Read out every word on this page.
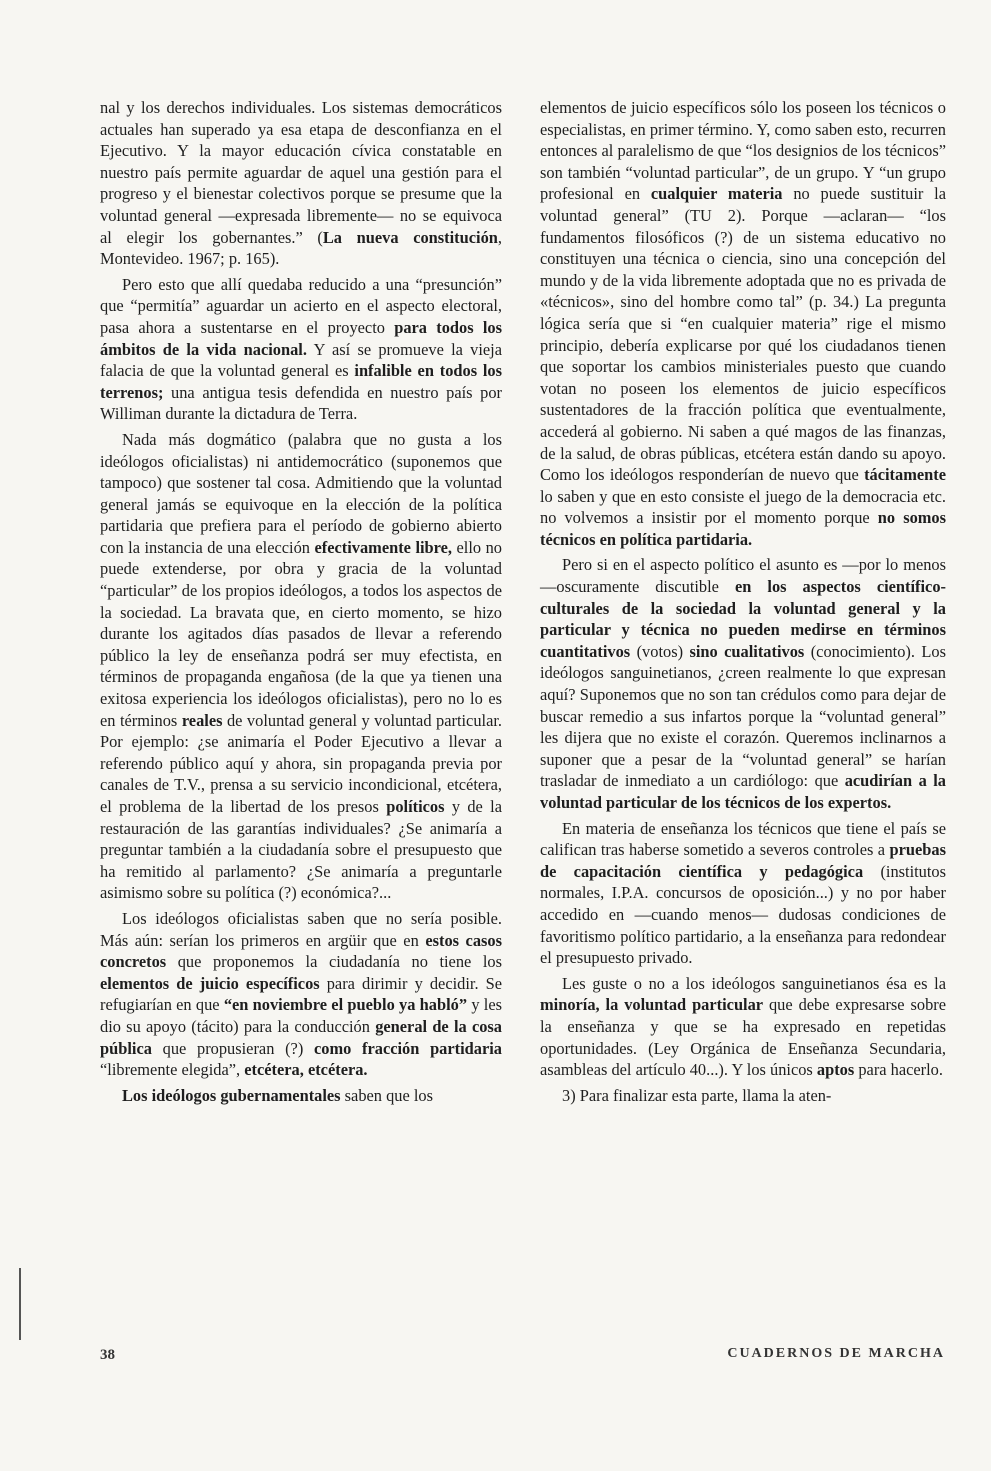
nal y los derechos individuales. Los sistemas democráticos actuales han superado ya esa etapa de desconfianza en el Ejecutivo. Y la mayor educación cívica constatable en nuestro país permite aguardar de aquel una gestión para el progreso y el bienestar colectivos porque se presume que la voluntad general —expresada libremente— no se equivoca al elegir los gobernantes.” (La nueva constitución, Montevideo. 1967; p. 165).

Pero esto que allí quedaba reducido a una “presunción” que “permitía” aguardar un acierto en el aspecto electoral, pasa ahora a sustentarse en el proyecto para todos los ámbitos de la vida nacional. Y así se promueve la vieja falacia de que la voluntad general es infalible en todos los terrenos; una antigua tesis defendida en nuestro país por Williman durante la dictadura de Terra.

Nada más dogmático (palabra que no gusta a los ideólogos oficialistas) ni antidemocrático (suponemos que tampoco) que sostener tal cosa. Admitiendo que la voluntad general jamás se equivoque en la elección de la política partidaria que prefiera para el período de gobierno abierto con la instancia de una elección efectivamente libre, ello no puede extenderse, por obra y gracia de la voluntad “particular” de los propios ideólogos, a todos los aspectos de la sociedad. La bravata que, en cierto momento, se hizo durante los agitados días pasados de llevar a referendo público la ley de enseñanza podrá ser muy efectista, en términos de propaganda engañosa (de la que ya tienen una exitosa experiencia los ideólogos oficialistas), pero no lo es en términos reales de voluntad general y voluntad particular. Por ejemplo: ¿se animaría el Poder Ejecutivo a llevar a referendo público aquí y ahora, sin propaganda previa por canales de T.V., prensa a su servicio incondicional, etcétera, el problema de la libertad de los presos políticos y de la restauración de las garantías individuales? ¿Se animaría a preguntar también a la ciudadanía sobre el presupuesto que ha remitido al parlamento? ¿Se animaría a preguntarle asimismo sobre su política (?) económica?...

Los ideólogos oficialistas saben que no sería posible. Más aún: serían los primeros en argüir que en estos casos concretos que proponemos la ciudadanía no tiene los elementos de juicio específicos para dirimir y decidir. Se refugiarían en que “en noviembre el pueblo ya habló” y les dio su apoyo (tácito) para la conducción general de la cosa pública que propusieran (?) como fracción partidaria “libremente elegida”, etcétera, etcétera.

Los ideólogos gubernamentales saben que los

elementos de juicio específicos sólo los poseen los técnicos o especialistas, en primer término. Y, como saben esto, recurren entonces al paralelismo de que “los designios de los técnicos” son también “voluntad particular”, de un grupo. Y “un grupo profesional en cualquier materia no puede sustituir la voluntad general” (TU 2). Porque —aclaran— “los fundamentos filosóficos (?) de un sistema educativo no constituyen una técnica o ciencia, sino una concepción del mundo y de la vida libremente adoptada que no es privada de «técnicos», sino del hombre como tal” (p. 34.) La pregunta lógica sería que si “en cualquier materia” rige el mismo principio, debería explicarse por qué los ciudadanos tienen que soportar los cambios ministeriales puesto que cuando votan no poseen los elementos de juicio específicos sustentadores de la fracción política que eventualmente, accederá al gobierno. Ni saben a qué magos de las finanzas, de la salud, de obras públicas, etcétera están dando su apoyo. Como los ideólogos responderían de nuevo que tácitamente lo saben y que en esto consiste el juego de la democracia etc. no volvemos a insistir por el momento porque no somos técnicos en política partidaria.

Pero si en el aspecto político el asunto es —por lo menos —oscuramente discutible en los aspectos científico-culturales de la sociedad la voluntad general y la particular y técnica no pueden medirse en términos cuantitativos (votos) sino cualitativos (conocimiento). Los ideólogos sanguinetianos, ¿creen realmente lo que expresan aquí? Suponemos que no son tan crédulos como para dejar de buscar remedio a sus infartos porque la “voluntad general” les dijera que no existe el corazón. Queremos inclinarnos a suponer que a pesar de la “voluntad general” se harían trasladar de inmediato a un cardiólogo: que acudirían a la voluntad particular de los técnicos de los expertos.

En materia de enseñanza los técnicos que tiene el país se califican tras haberse sometido a severos controles a pruebas de capacitación científica y pedagógica (institutos normales, I.P.A. concursos de oposición...) y no por haber accedido en —cuando menos— dudosas condiciones de favoritismo político partidario, a la enseñanza para redondear el presupuesto privado.

Les guste o no a los ideólogos sanguinetianos ésa es la minoría, la voluntad particular que debe expresarse sobre la enseñanza y que se ha expresado en repetidas oportunidades. (Ley Orgánica de Enseñanza Secundaria, asambleas del artículo 40...). Y los únicos aptos para hacerlo.

3) Para finalizar esta parte, llama la aten-

38	CUADERNOS DE MARCHA
